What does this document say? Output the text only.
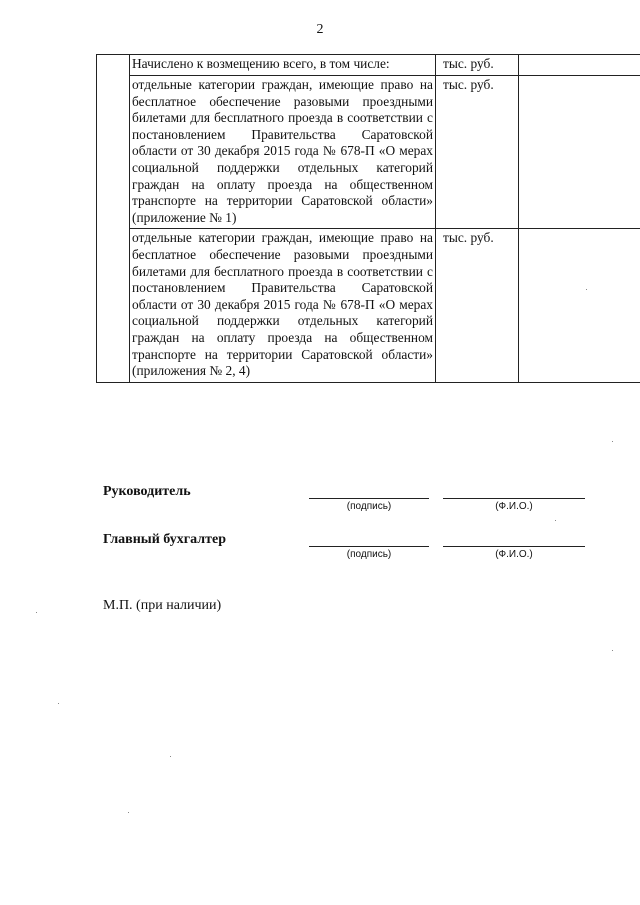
2

	Начислено к возмещению всего, в том числе:	тыс. руб.	

	отдельные категории граждан, имеющие право на бесплатное обеспечение разовыми проездными билетами для бесплатного проезда в соответствии с постановлением Правительства Саратовской области от 30 декабря 2015 года № 678-П «О мерах социальной поддержки отдельных категорий граждан на оплату проезда на общественном транспорте на территории Саратовской области» (приложение № 1)	тыс. руб.	

	отдельные категории граждан, имеющие право на бесплатное обеспечение разовыми проездными билетами для бесплатного проезда в соответствии с постановлением Правительства Саратовской области от 30 декабря 2015 года № 678-П «О мерах социальной поддержки отдельных категорий граждан на оплату проезда на общественном транспорте на территории Саратовской области» (приложения № 2, 4)	тыс. руб.	

Руководитель
(подпись)	(Ф.И.О.)
Главный бухгалтер
(подпись)	(Ф.И.О.)
М.П. (при наличии)
